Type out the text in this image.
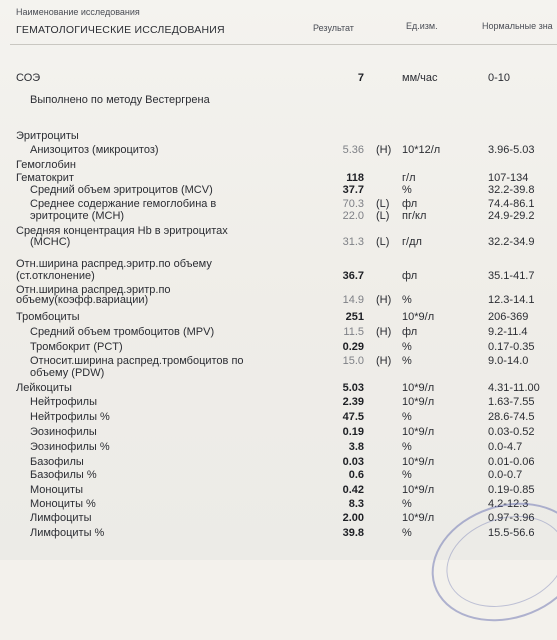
Наименование исследования
ГЕМАТОЛОГИЧЕСКИЕ ИССЛЕДОВАНИЯ	Результат	Ед.изм.	Нормальные зна
СОЭ	7	мм/час	0-10
Выполнено по методу Вестергрена
Эритроциты
Анизоцитоз (микроцитоз)	5.36 (H) 10*12/л	3.96-5.03
Гемоглобин
Гематокрит	118	г/л	107-134
Средний объем эритроцитов (MCV)	37.7	%	32.2-39.8
Среднее содержание гемоглобина в	70.3 (L) фл	74.4-86.1
эритроците (MCH)	22.0 (L) пг/кл	24.9-29.2
Средняя концентрация Hb в эритроцитах
(MCHC)	31.3 (L) г/дл	32.2-34.9
Отн.ширина распред.эритр.по объему
(ст.отклонение)	36.7	фл	35.1-41.7
Отн.ширина распред.эритр.по
объему(коэфф.вариации)	14.9 (H) %	12.3-14.1
Тромбоциты	251	10*9/л	206-369
Средний объем тромбоцитов (MPV)	11.5 (H) фл	9.2-11.4
Тромбокрит (PCT)	0.29	%	0.17-0.35
Относит.ширина распред.тромбоцитов по	15.0 (H) %	9.0-14.0
объему (PDW)
Лейкоциты	5.03	10*9/л	4.31-11.00
Нейтрофилы	2.39	10*9/л	1.63-7.55
Нейтрофилы %	47.5	%	28.6-74.5
Эозинофилы	0.19	10*9/л	0.03-0.52
Эозинофилы %	3.8	%	0.0-4.7
Базофилы	0.03	10*9/л	0.01-0.06
Базофилы %	0.6	%	0.0-0.7
Моноциты	0.42	10*9/л	0.19-0.85
Моноциты %	8.3	%	4.2-12.3
Лимфоциты	2.00	10*9/л	0.97-3.96
Лимфоциты %	39.8	%	15.5-56.6
